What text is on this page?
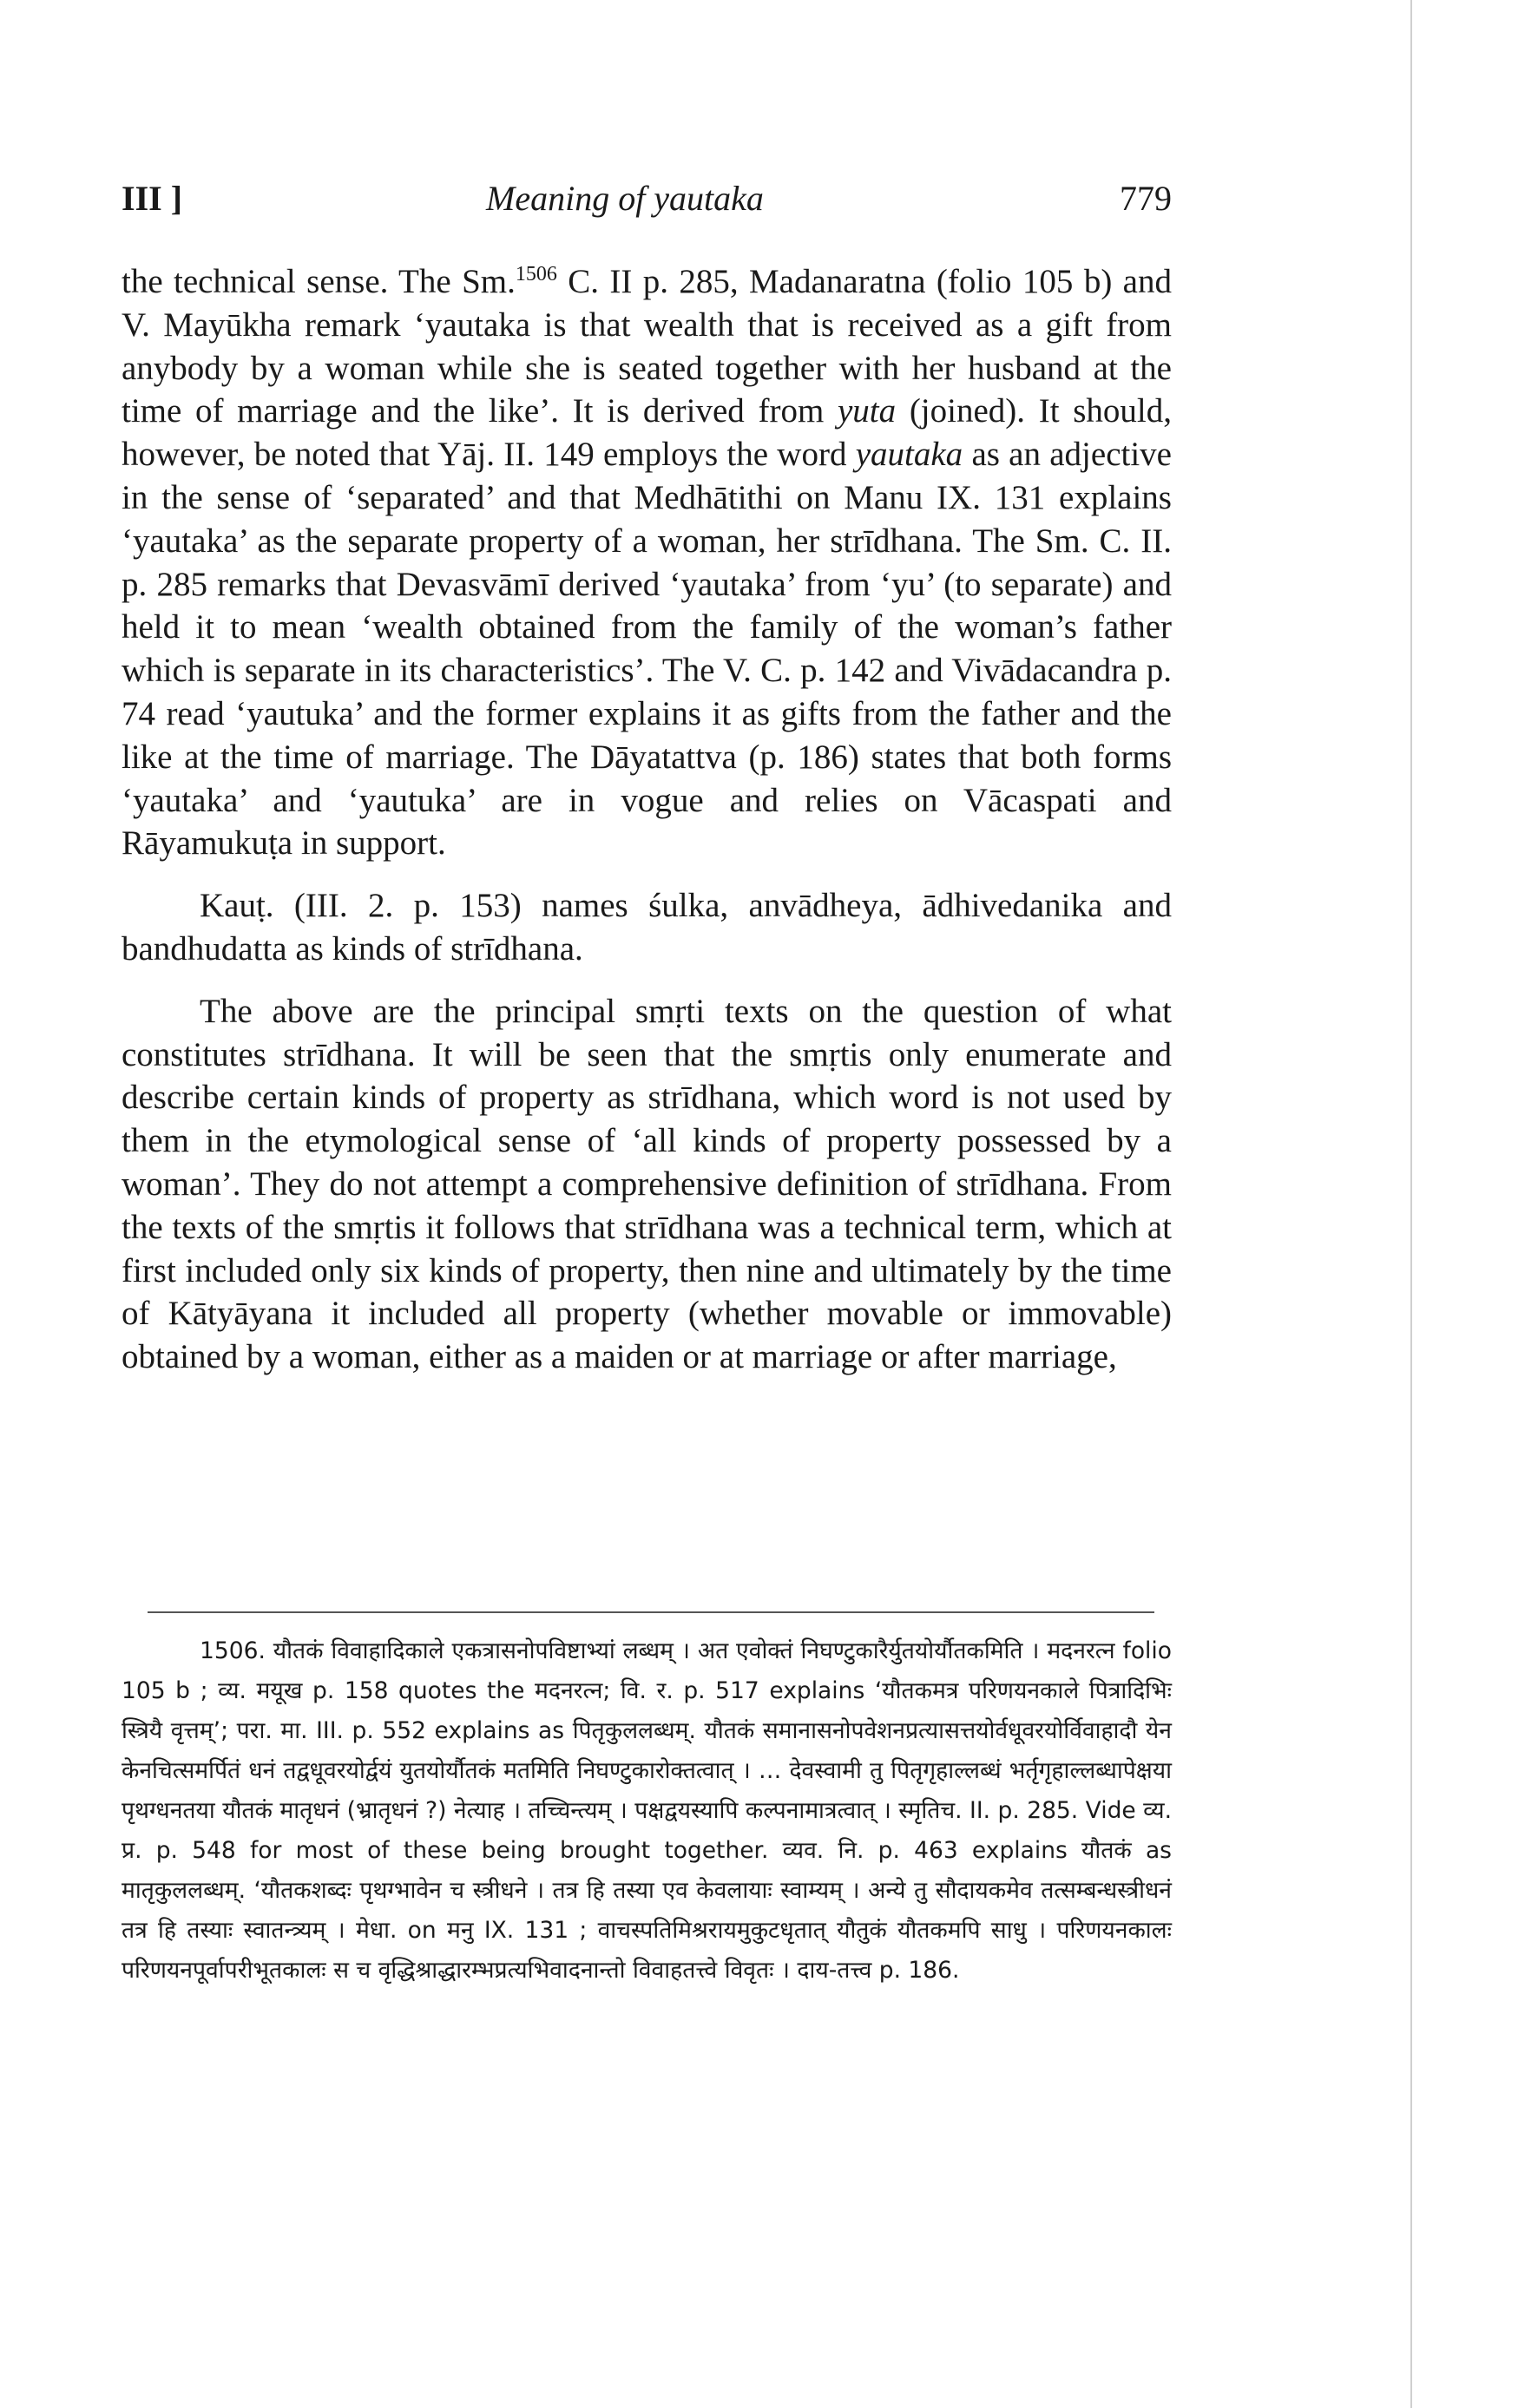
III ]	Meaning of yautaka	779

the technical sense. The Sm.$^{1506}$ C. II p. 285, Madanaratna (folio 105 b) and V. Mayūkha remark ‘yautaka is that wealth that is received as a gift from anybody by a woman while she is seated together with her husband at the time of marriage and the like’. It is derived from yuta (joined). It should, however, be noted that Yāj. II. 149 employs the word yautaka as an adjective in the sense of ‘separated’ and that Medhātithi on Manu IX. 131 explains ‘yautaka’ as the separate property of a woman, her strīdhana. The Sm. C. II. p. 285 remarks that Devasvāmī derived ‘yautaka’ from ‘yu’ (to separate) and held it to mean ‘wealth obtained from the family of the woman’s father which is separate in its characteristics’. The V. C. p. 142 and Vivādacandra p. 74 read ‘yautuka’ and the former explains it as gifts from the father and the like at the time of marriage. The Dāyatattva (p. 186) states that both forms ‘yautaka’ and ‘yautuka’ are in vogue and relies on Vācaspati and Rāyamukuṭa in support.

Kauṭ. (III. 2. p. 153) names śulka, anvādheya, ādhivedanika and bandhudatta as kinds of strīdhana.

The above are the principal smṛti texts on the question of what constitutes strīdhana. It will be seen that the smṛtis only enumerate and describe certain kinds of property as strīdhana, which word is not used by them in the etymological sense of ‘all kinds of property possessed by a woman’. They do not attempt a comprehensive definition of strīdhana. From the texts of the smṛtis it follows that strīdhana was a technical term, which at first included only six kinds of property, then nine and ultimately by the time of Kātyāyana it included all property (whether movable or immovable) obtained by a woman, either as a maiden or at marriage or after marriage,

1506. यौतकं विवाहादिकाले एकत्रासनोपविष्टाभ्यां लब्धम् । अत एवोक्तं निघण्टुकारैर्युतयोर्यौतकमिति । मदनरत्न folio 105 b ; व्य. मयूख p. 158 quotes the मदनरत्न; वि. र. p. 517 explains ‘यौतकमत्र परिणयनकाले पित्रादिभिः स्त्रियै वृत्तम्’; परा. मा. III. p. 552 explains as पितृकुललब्धम्. यौतकं समानासनोपवेशनप्रत्यासत्तयोर्वधूवरयोर्विवाहादौ येन केनचित्समर्पितं धनं तद्वधूवरयोर्द्वयं युतयोर्यौतकं मतमिति निघण्टुकारोक्तत्वात् । … देवस्वामी तु पितृगृहाल्लब्धं भर्तृगृहाल्लब्धापेक्षया पृथग्धनतया यौतकं मातृधनं (भ्रातृधनं ?) नेत्याह । तच्चिन्त्यम् । पक्षद्वयस्यापि कल्पनामात्रत्वात् । स्मृतिच. II. p. 285. Vide व्य. प्र. p. 548 for most of these being brought together. व्यव. नि. p. 463 explains यौतकं as मातृकुललब्धम्. ‘यौतकशब्दः पृथग्भावेन च स्त्रीधने । तत्र हि तस्या एव केवलायाः स्वाम्यम् । अन्ये तु सौदायकमेव तत्सम्बन्धस्त्रीधनं तत्र हि तस्याः स्वातन्त्र्यम् । मेधा. on मनु IX. 131 ; वाचस्पतिमिश्ररायमुकुटधृतात् यौतुकं यौतकमपि साधु । परिणयनकालः परिणयनपूर्वापरीभूतकालः स च वृद्धिश्राद्धारम्भप्रत्यभिवादनान्तो विवाहतत्त्वे विवृतः । दाय-तत्त्व p. 186.
